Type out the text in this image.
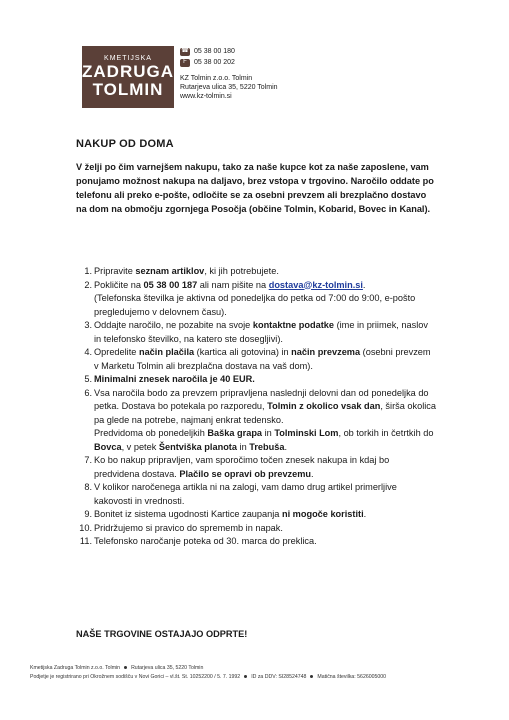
KMETIJSKA
ZADRUGA
TOLMIN
☎ 05 38 00 180
F	05 38 00 202
KZ Tolmin z.o.o. Tolmin
Rutarjeva ulica 35, 5220 Tolmin
www.kz-tolmin.si
NAKUP OD DOMA

V želji po čim varnejšem nakupu, tako za naše kupce kot za naše zaposlene, vam ponujamo možnost nakupa na daljavo, brez vstopa v trgovino. Naročilo oddate po telefonu ali preko e-pošte, odločite se za osebni prevzem ali brezplačno dostavo na dom na območju zgornjega Posočja (občine Tolmin, Kobarid, Bovec in Kanal).

1 . Pripravite seznam artiklov, ki jih potrebujete.
2 . Pokličite na 05 38 00 187 ali nam pišite na dostava@kz-tolmin.si.
(Telefonska številka je aktivna od ponedeljka do petka od 7:00 do 9:00, e-pošto pregledujemo v delovnem času).
3 . Oddajte naročilo, ne pozabite na svoje kontaktne podatke (ime in priimek, naslov in telefonsko številko, na katero ste dosegljivi).
4 . Opredelite način plačila (kartica ali gotovina) in način prevzema (osebni prevzem v Marketu Tolmin ali brezplačna dostava na vaš dom).
5 . Minimalni znesek naročila je 40 EUR.
6 . Vsa naročila bodo za prevzem pripravljena naslednji delovni dan od ponedeljka do petka. Dostava bo potekala po razporedu, Tolmin z okolico vsak dan, širša okolica pa glede na potrebe, najmanj enkrat tedensko.
Predvidoma ob ponedeljkih Baška grapa in Tolminski Lom, ob torkih in četrtkih do Bovca, v petek Šentviška planota in Trebuša.
7 . Ko bo nakup pripravljen, vam sporočimo točen znesek nakupa in kdaj bo predvidena dostava. Plačilo se opravi ob prevzemu.
8 . V kolikor naročenega artikla ni na zalogi, vam damo drug artikel primerljive kakovosti in vrednosti.
9 . Bonitet iz sistema ugodnosti Kartice zaupanja ni mogoče koristiti.
10 . Pridržujemo si pravico do sprememb in napak.
11 . Telefonsko naročanje poteka od 30. marca do preklica.

NAŠE TRGOVINE OSTAJAJO ODPRTE!

Kmetijska Zadruga Tolmin z.o.o. Tolmin Rutarjeva ulica 35, 5220 Tolmin
Podjetje je registrirano pri Okrožnem sodišču v Novi Gorici – vl.št. St. 10252200 / 5. 7. 1992 ID za DDV: SI28524748 Matična številka: 5626005000
